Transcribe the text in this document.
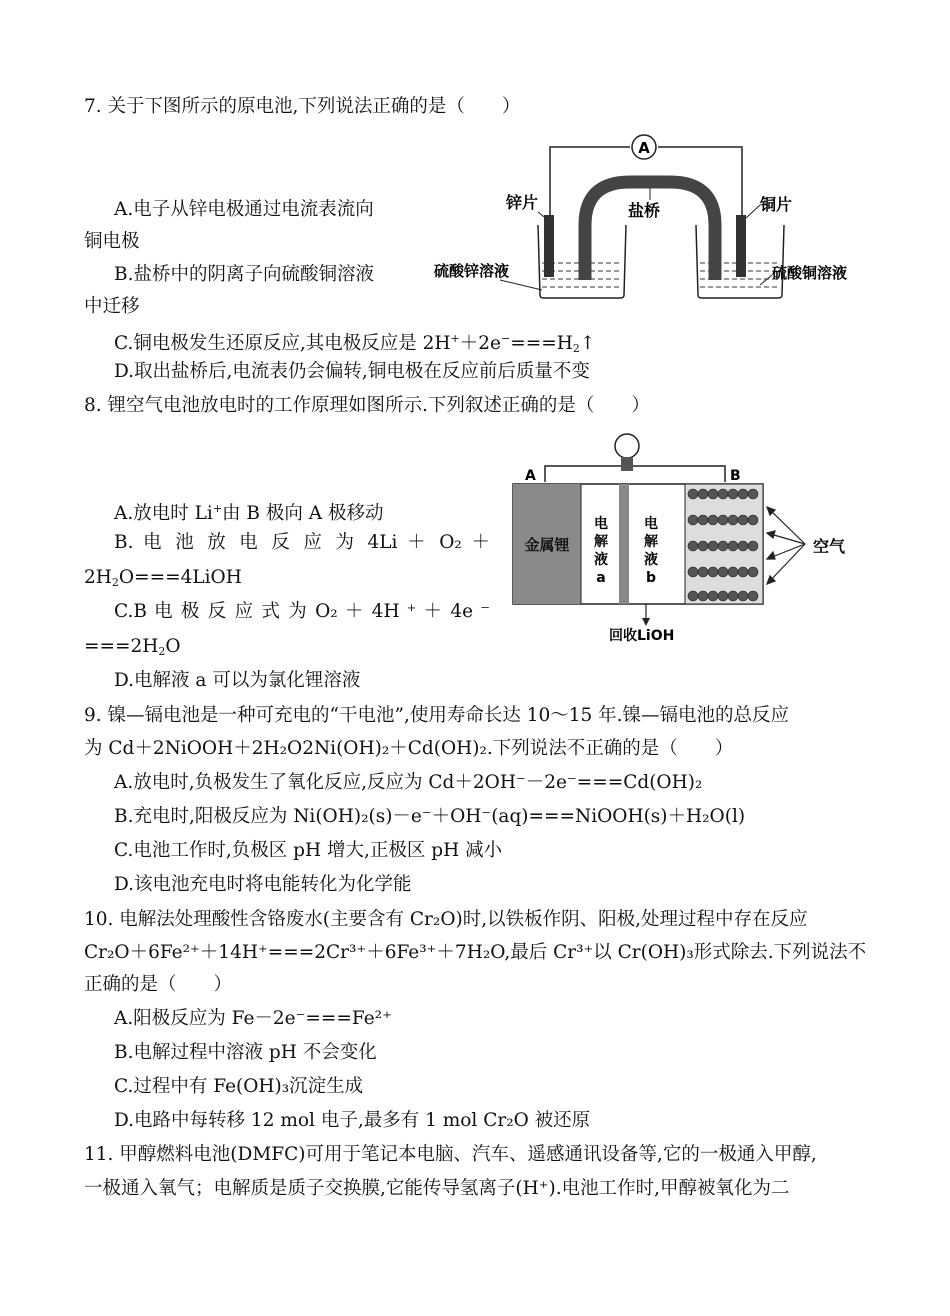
7. 关于下图所示的原电池,下列说法正确的是（　　）
A.电子从锌电极通过电流表流向
铜电极
B.盐桥中的阴离子向硫酸铜溶液
中迁移
C.铜电极发生还原反应,其电极反应是 $2H^++2e^-===H_2↑$
D.取出盐桥后,电流表仍会偏转,铜电极在反应前后质量不变
A
锌片	盐桥	铜片
硫酸锌溶液	硫酸铜溶液
8. 锂空气电池放电时的工作原理如图所示.下列叙述正确的是（　　）
A.放电时 Li+由 B 极向 A 极移动
B. 电 池 放 电 反 应 为 4Li ＋ O₂ ＋
$2H_2O===4LiOH$
C.B 电 极 反 应 式 为 O₂ ＋ 4H ⁺ ＋ 4e ⁻
$===2H_2O$
D.电解液 a 可以为氯化锂溶液
A	B
金属锂
电
解
液
a
电
解
液
b
空气
回收LiOH
9. 镍—镉电池是一种可充电的“干电池”,使用寿命长达 10～15 年.镍—镉电池的总反应
为 Cd＋2NiOOH＋2H₂O2Ni(OH)₂＋Cd(OH)₂.下列说法不正确的是（　　）
A.放电时,负极发生了氧化反应,反应为 Cd＋2OH⁻－2e⁻===Cd(OH)₂
B.充电时,阳极反应为 Ni(OH)₂(s)－e⁻＋OH⁻(aq)===NiOOH(s)＋H₂O(l)
C.电池工作时,负极区 pH 增大,正极区 pH 减小
D.该电池充电时将电能转化为化学能
10. 电解法处理酸性含铬废水(主要含有 Cr₂O)时,以铁板作阴、阳极,处理过程中存在反应
Cr₂O＋6Fe²⁺＋14H⁺===2Cr³⁺＋6Fe³⁺＋7H₂O,最后 Cr³⁺以 Cr(OH)₃形式除去.下列说法不
正确的是（　　）
A.阳极反应为 Fe－2e⁻===Fe²⁺
B.电解过程中溶液 pH 不会变化
C.过程中有 Fe(OH)₃沉淀生成
D.电路中每转移 12 mol 电子,最多有 1 mol Cr₂O 被还原
11. 甲醇燃料电池(DMFC)可用于笔记本电脑、汽车、遥感通讯设备等,它的一极通入甲醇,
一极通入氧气；电解质是质子交换膜,它能传导氢离子(H⁺).电池工作时,甲醇被氧化为二
